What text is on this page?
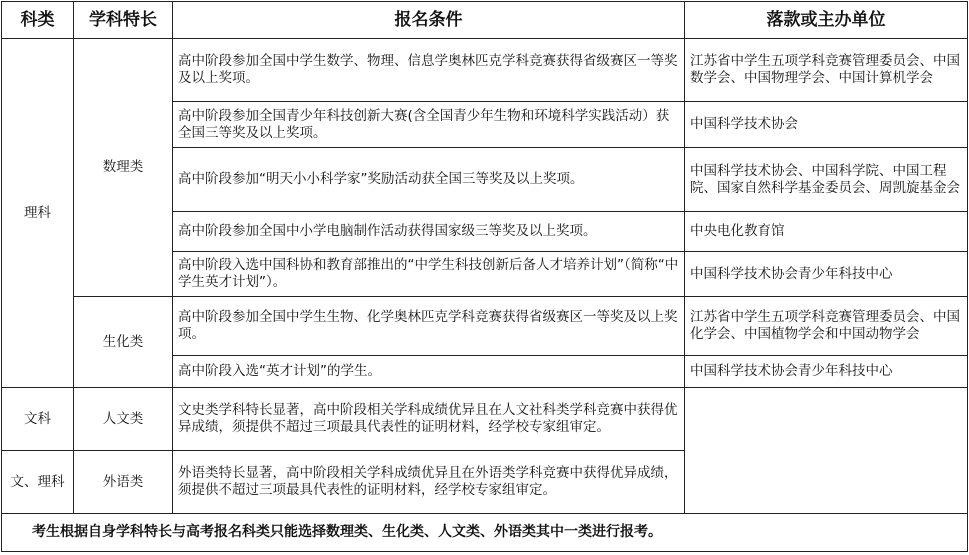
科类	学科特长	报名条件	落款或主办单位
理科	数理类	高中阶段参加全国中学生数学、物理、信息学奥林匹克学科竞赛获得省级赛区一等奖及以上奖项。	江苏省中学生五项学科竞赛管理委员会、中国数学会、中国物理学会、中国计算机学会
		高中阶段参加全国青少年科技创新大赛(含全国青少年生物和环境科学实践活动）获全国三等奖及以上奖项。	中国科学技术协会
		高中阶段参加“明天小小科学家”奖励活动获全国三等奖及以上奖项。	中国科学技术协会、中国科学院、中国工程院、国家自然科学基金委员会、周凯旋基金会
		高中阶段参加全国中小学电脑制作活动获得国家级三等奖及以上奖项。	中央电化教育馆
		高中阶段入选中国科协和教育部推出的“中学生科技创新后备人才培养计划”（简称“中学生英才计划”）。	中国科学技术协会青少年科技中心
	生化类	高中阶段参加全国中学生生物、化学奥林匹克学科竞赛获得省级赛区一等奖及以上奖项。	江苏省中学生五项学科竞赛管理委员会、中国化学会、中国植物学会和中国动物学会
		高中阶段入选“英才计划”的学生。	中国科学技术协会青少年科技中心
文科	人文类	文史类学科特长显著，高中阶段相关学科成绩优异且在人文社科类学科竞赛中获得优异成绩，须提供不超过三项最具代表性的证明材料，经学校专家组审定。	
文、理科	外语类	外语类特长显著，高中阶段相关学科成绩优异且在外语类学科竞赛中获得优异成绩，须提供不超过三项最具代表性的证明材料，经学校专家组审定。	
考生根据自身学科特长与高考报名科类只能选择数理类、生化类、人文类、外语类其中一类进行报考。			
